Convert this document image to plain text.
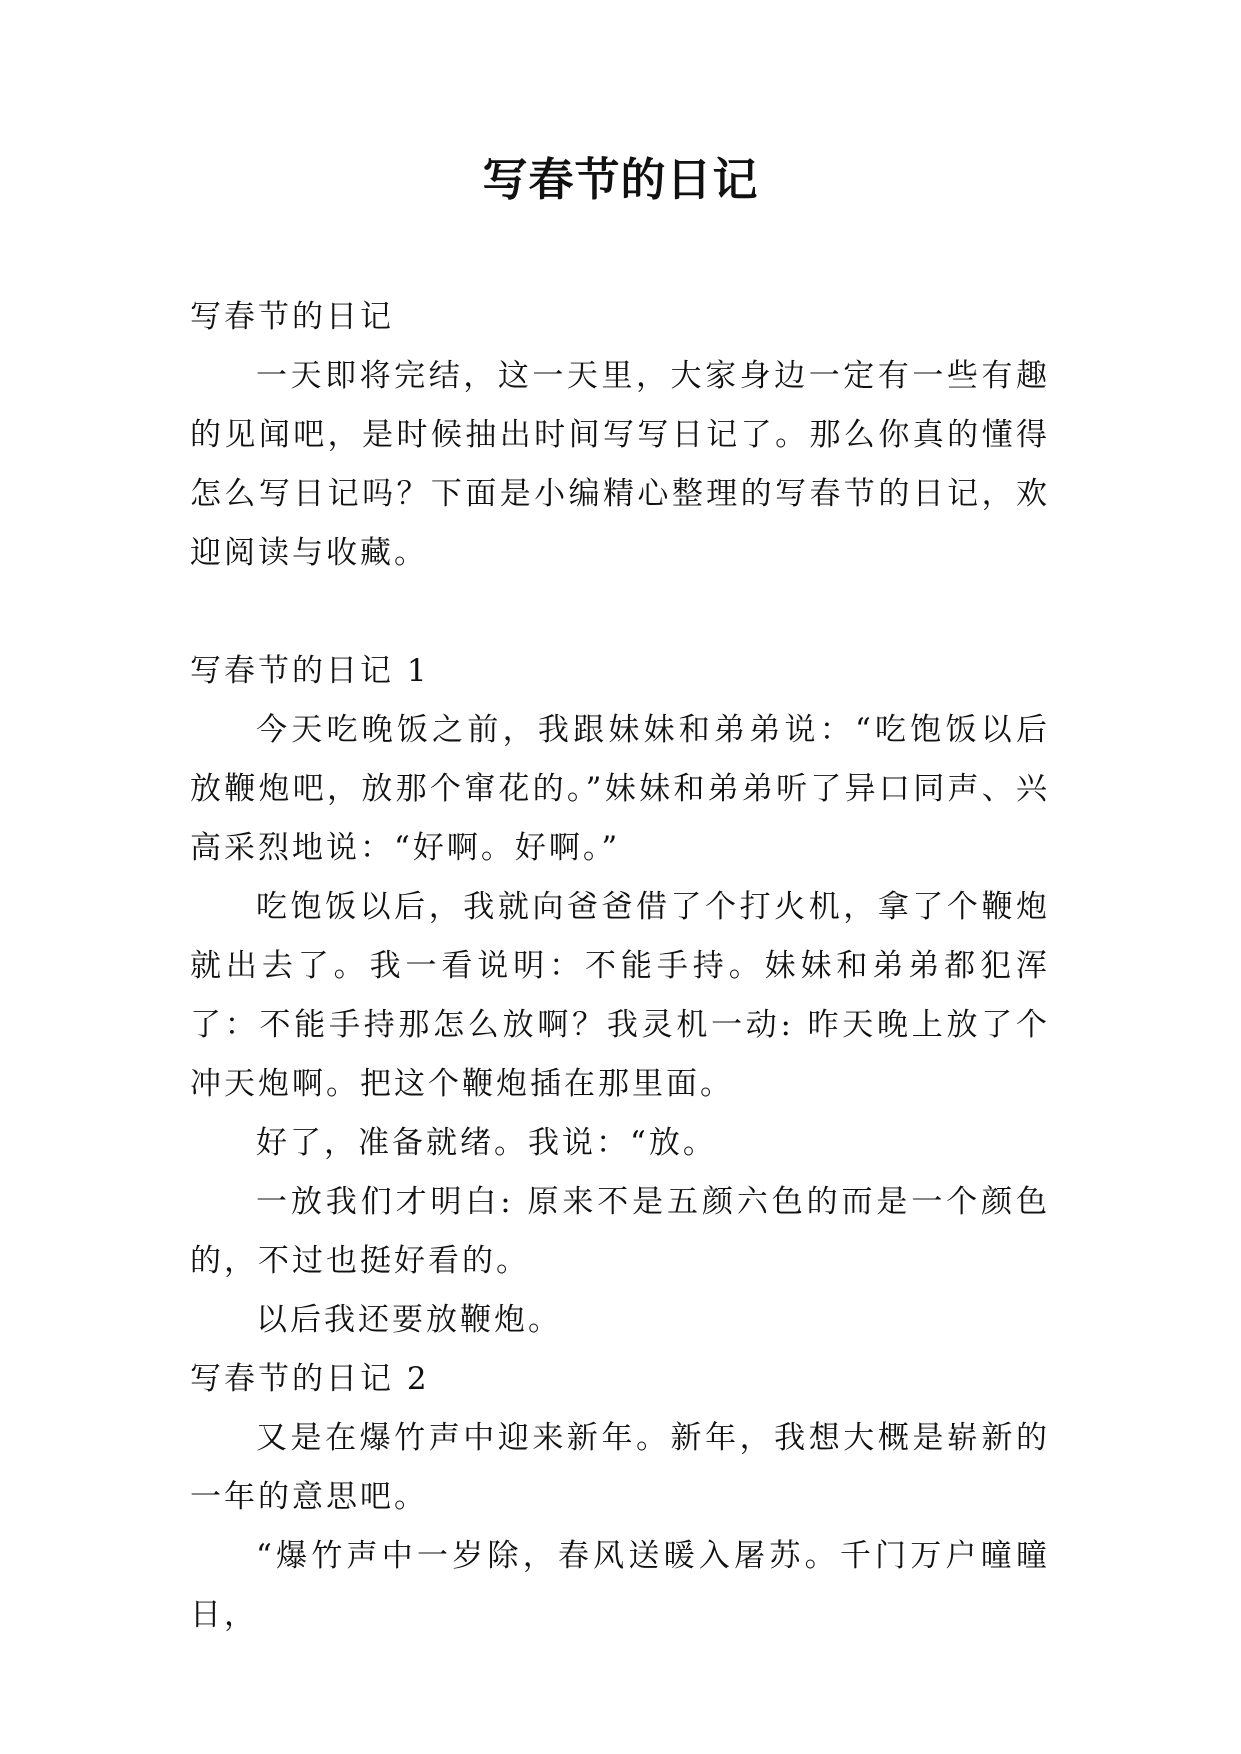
写春节的日记

写春节的日记

一天即将完结，这一天里，大家身边一定有一些有趣的见闻吧，是时候抽出时间写写日记了。那么你真的懂得怎么写日记吗？下面是小编精心整理的写春节的日记，欢迎阅读与收藏。

写春节的日记 1

今天吃晚饭之前，我跟妹妹和弟弟说：“吃饱饭以后放鞭炮吧，放那个窜花的。”妹妹和弟弟听了异口同声、兴高采烈地说：“好啊。好啊。”

吃饱饭以后，我就向爸爸借了个打火机，拿了个鞭炮就出去了。我一看说明：不能手持。妹妹和弟弟都犯浑了：不能手持那怎么放啊？我灵机一动: 昨天晚上放了个冲天炮啊。把这个鞭炮插在那里面。

好了，准备就绪。我说：“放。

一放我们才明白: 原来不是五颜六色的而是一个颜色的，不过也挺好看的。

以后我还要放鞭炮。

写春节的日记 2

又是在爆竹声中迎来新年。新年，我想大概是崭新的一年的意思吧。

“爆竹声中一岁除，春风送暖入屠苏。千门万户曈曈日，
